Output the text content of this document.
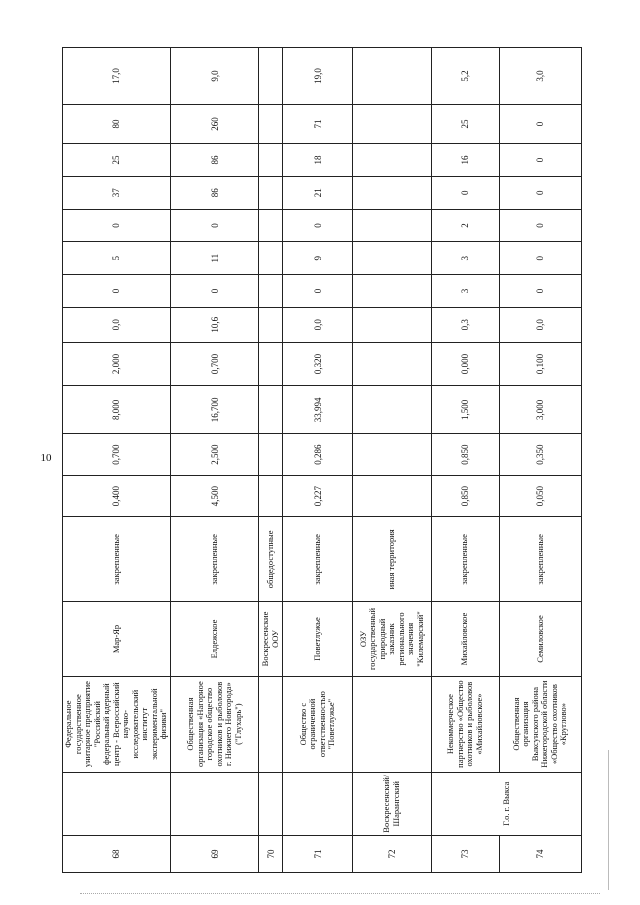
10
68		Федеральное государственное унитарное предприятие "Российский федеральный ядерный центр - Всероссийский научно-исследовательский институт экспериментальной физики"	Мар-Яр	закрепленные	0,400	0,700	8,000	2,000	0,0	0	5	0	37	25	80	17,0
69		Общественная организация «Нагорное городское общество охотников и рыболовов г. Нижнего Новгорода» ("Глухарь")	Елдежское	закрепленные	4,500	2,500	16,700	0,700	10,6	0	11	0	86	86	260	9,0
70			Воскресенские ООУ	общедоступные												
71		Общество с ограниченной ответственностью "Поветлужье"	Поветлужье	закрепленные	0,227	0,286	33,994	0,320	0,0	0	9	0	21	18	71	19,0
72	Воскресенский/ Шарангский		ОЗУ государственный природный заказник регионального значения "Килемарский"	иная территория												
73	Г.о. г. Выкса	Некоммерческое партнерство «Общество охотников и рыболовов «Михайловское»	Михайловское	закрепленные	0,850	0,850	1,500	0,000	0,3	3	3	2	0	16	25	5,2
74		Общественная организация Выксунского района Нижегородской области «Общество охотников «Круглово»	Семиловское	закрепленные	0,050	0,350	3,000	0,100	0,0	0	0	0	0	0	0	3,0
